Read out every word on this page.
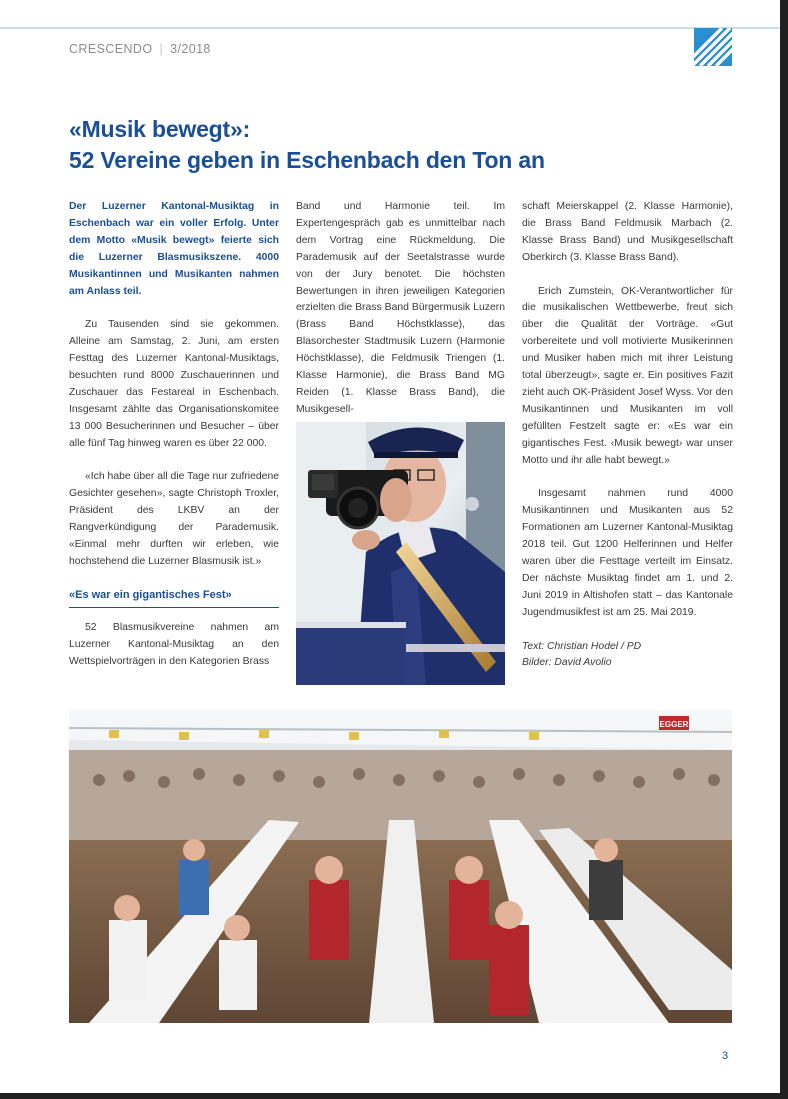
CRESCENDO | 3/2018
«Musik bewegt»:
52 Vereine geben in Eschenbach den Ton an

Der Luzerner Kantonal-Musiktag in Eschenbach war ein voller Erfolg. Unter dem Motto «Musik bewegt» feierte sich die Luzerner Blasmusikszene. 4000 Musikantinnen und Musikanten nahmen am Anlass teil.

Zu Tausenden sind sie gekommen. Alleine am Samstag, 2. Juni, am ersten Festtag des Luzerner Kantonal-Musiktags, besuchten rund 8000 Zuschauerinnen und Zuschauer das Festareal in Eschenbach. Insgesamt zählte das Organisationskomitee 13 000 Besucherinnen und Besucher – über alle fünf Tag hinweg waren es über 22 000.

«Ich habe über all die Tage nur zufriedene Gesichter gesehen», sagte Christoph Troxler, Präsident des LKBV an der Rangverkündigung der Parademusik. «Einmal mehr durften wir erleben, wie hochstehend die Luzerner Blasmusik ist.»

«Es war ein gigantisches Fest»

52 Blasmusikvereine nahmen am Luzerner Kantonal-Musiktag an den Wettspielvorträgen in den Kategorien Brass

Band und Harmonie teil. Im Expertengespräch gab es unmittelbar nach dem Vortrag eine Rückmeldung. Die Parademusik auf der Seetalstrasse wurde von der Jury benotet. Die höchsten Bewertungen in ihren jeweiligen Kategorien erzielten die Brass Band Bürgermusik Luzern (Brass Band Höchstklasse), das Blasorchester Stadtmusik Luzern (Harmonie Höchstklasse), die Feldmusik Triengen (1. Klasse Harmonie), die Brass Band MG Reiden (1. Klasse Brass Band), die Musikgesell-

schaft Meierskappel (2. Klasse Harmonie), die Brass Band Feldmusik Marbach (2. Klasse Brass Band) und Musikgesellschaft Oberkirch (3. Klasse Brass Band).

Erich Zumstein, OK-Verantwortlicher für die musikalischen Wettbewerbe, freut sich über die Qualität der Vorträge. «Gut vorbereitete und voll motivierte Musikerinnen und Musiker haben mich mit ihrer Leistung total überzeugt», sagte er. Ein positives Fazit zieht auch OK-Präsident Josef Wyss. Vor den Musikantinnen und Musikanten im voll gefüllten Festzelt sagte er: «Es war ein gigantisches Fest. ‹Musik bewegt› war unser Motto und ihr alle habt bewegt.»

Insgesamt nahmen rund 4000 Musikantinnen und Musikanten aus 52 Formationen am Luzerner Kantonal-Musiktag 2018 teil. Gut 1200 Helferinnen und Helfer waren über die Festtage verteilt im Einsatz. Der nächste Musiktag findet am 1. und 2. Juni 2019 in Altishofen statt – das Kantonale Jugendmusikfest ist am 25. Mai 2019.

Text: Christian Hodel / PD

Bilder: David Avolio

EGGER
3
